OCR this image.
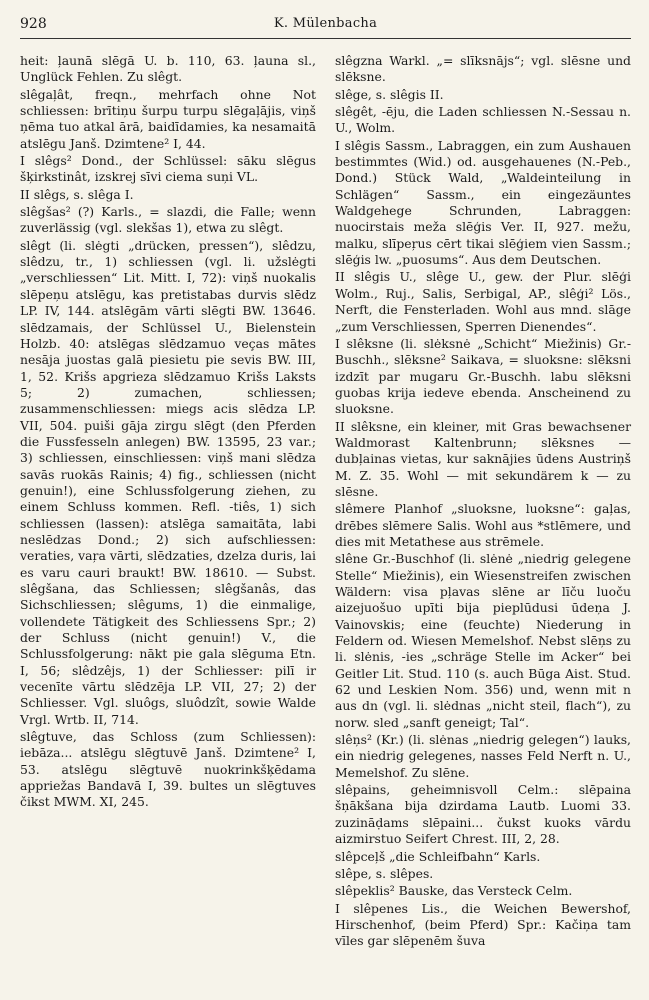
928	K. Mülenbacha

heit: ļaunā slēgā U. b. 110, 63. ļauna sl., Unglück Fehlen. Zu slêgt.

slêgaļât, freqn., mehrfach ohne Not schliessen: brītiņu šurpu turpu slēgaļājis, viņš ņēma tuo atkal ārā, baidīdamies, ka nesamaitā atslēgu Janš. Dzimtene² I, 44.

I slêgs² Dond., der Schlüssel: sāku slēgus šķirkstinât, izskrej sīvi ciema suņi VL.

II slêgs, s. slêga I.

slêgšas² (?) Karls., = slazdi, die Falle; wenn zuverlässig (vgl. slekšas 1), etwa zu slêgt.

slêgt (li. slėgti „drücken, pressen“), slêdzu, slêdzu, tr., 1) schliessen (vgl. li. užslėgti „verschliessen“ Lit. Mitt. I, 72): viņš nuokalis slēpeņu atslēgu, kas pretistabas durvis slēdz LP. IV, 144. atslēgām vārti slēgti BW. 13646. slēdzamais, der Schlüssel U., Bielenstein Holzb. 40: atslēgas slēdzamuo veças mātes nesāja juostas galā piesietu pie sevis BW. III, 1, 52. Krišs apgrieza slēdzamuo Krišs Laksts 5; 2) zumachen, schliessen; zusammenschliessen: miegs acis slēdza LP. VII, 504. puiši gāja zirgu slēgt (den Pferden die Fussfesseln anlegen) BW. 13595, 23 var.; 3) schliessen, einschliessen: viņš mani slēdza savās ruokās Rainis; 4) fig., schliessen (nicht genuin!), eine Schlussfolgerung ziehen, zu einem Schluss kommen. Refl. -tiês, 1) sich schliessen (lassen): atslēga samaitāta, labi neslēdzas Dond.; 2) sich aufschliessen: veraties, vaŗa vārti, slēdzaties, dzelza duris, lai es varu cauri braukt! BW. 18610. — Subst. slêgšana, das Schliessen; slêgšanâs, das Sichschliessen; slêgums, 1) die einmalige, vollendete Tätigkeit des Schliessens Spr.; 2) der Schluss (nicht genuin!) V., die Schlussfolgerung: nākt pie gala slēguma Etn. I, 56; slêdzêjs, 1) der Schliesser: pilī ir vecenīte vārtu slēdzēja LP. VII, 27; 2) der Schliesser. Vgl. sluôgs, sluôdzît, sowie Walde Vrgl. Wrtb. II, 714.

slêgtuve, das Schloss (zum Schliessen): iebāza... atslēgu slēgtuvē Janš. Dzimtene² I, 53. atslēgu slēgtuvē nuokrinkšķēdama appriežas Bandavā I, 39. bultes un slēgtuves čikst MWM. XI, 245.

slêgzna Warkl. „= slīksnājs“; vgl. slēsne und slēksne.

slêge, s. slêgis II.

slêgêt, -ēju, die Laden schliessen N.-Sessau n. U., Wolm.

I slêgis Sassm., Labraggen, ein zum Aushauen bestimmtes (Wid.) od. ausgehauenes (N.-Peb., Dond.) Stück Wald, „Waldeinteilung in Schlägen“ Sassm., ein eingezäuntes Waldgehege Schrunden, Labraggen: nuocirstais meža slēģis Ver. II, 927. mežu, malku, slīpeŗus cērt tikai slēģiem vien Sassm.; slēģis lw. „puosums“. Aus dem Deutschen.

II slêgis U., slêge U., gew. der Plur. slēģi Wolm., Ruj., Salis, Serbigal, AP., slêģi² Lös., Nerft, die Fensterladen. Wohl aus mnd. slāge „zum Verschliessen, Sperren Dienendes“.

I slêksne (li. slėksnė „Schicht“ Miežinis) Gr.-Buschh., slēksne² Saikava, = sluoksne: slēksni izdzīt par mugaru Gr.-Buschh. labu slēksni guobas krija iedeve ebenda. Anscheinend zu sluoksne.

II slêksne, ein kleiner, mit Gras bewachsener Waldmorast Kaltenbrunn; slēksnes — dubļainas vietas, kur saknājies ūdens Austriņš M. Z. 35. Wohl — mit sekundärem k — zu slēsne.

slêmere Planhof „sluoksne, luoksne“: gaļas, drēbes slēmere Salis. Wohl aus *stlēmere, und dies mit Metathese aus strēmele.

slêne Gr.-Buschhof (li. slėnė „niedrig gelegene Stelle“ Miežinis), ein Wiesenstreifen zwischen Wäldern: visa pļavas slēne ar līču luoču aizejuošuo upīti bija pieplūdusi ūdeņa J. Vainovskis; eine (feuchte) Niederung in Feldern od. Wiesen Memelshof. Nebst slēņs zu li. slėnis, -ies „schräge Stelle im Acker“ bei Geitler Lit. Stud. 110 (s. auch Būga Aist. Stud. 62 und Leskien Nom. 356) und, wenn mit n aus dn (vgl. li. slėdnas „nicht steil, flach“), zu norw. sled „sanft geneigt; Tal“.

slêņs² (Kr.) (li. slėnas „niedrig gelegen“) lauks, ein niedrig gelegenes, nasses Feld Nerft n. U., Memelshof. Zu slēne.

slêpains, geheimnisvoll Celm.: slēpaina šņākšana bija dzirdama Lautb. Luomi 33. zuzināḍams slēpaini... čukst kuoks vārdu aizmirstuo Seifert Chrest. III, 2, 28.

slêpceļš „die Schleifbahn“ Karls.

slêpe, s. slêpes.

slêpeklis² Bauske, das Versteck Celm.

I slêpenes Lis., die Weichen Bewershof, Hirschenhof, (beim Pferd) Spr.: Kačiņa tam vīles gar slēpenēm šuva
